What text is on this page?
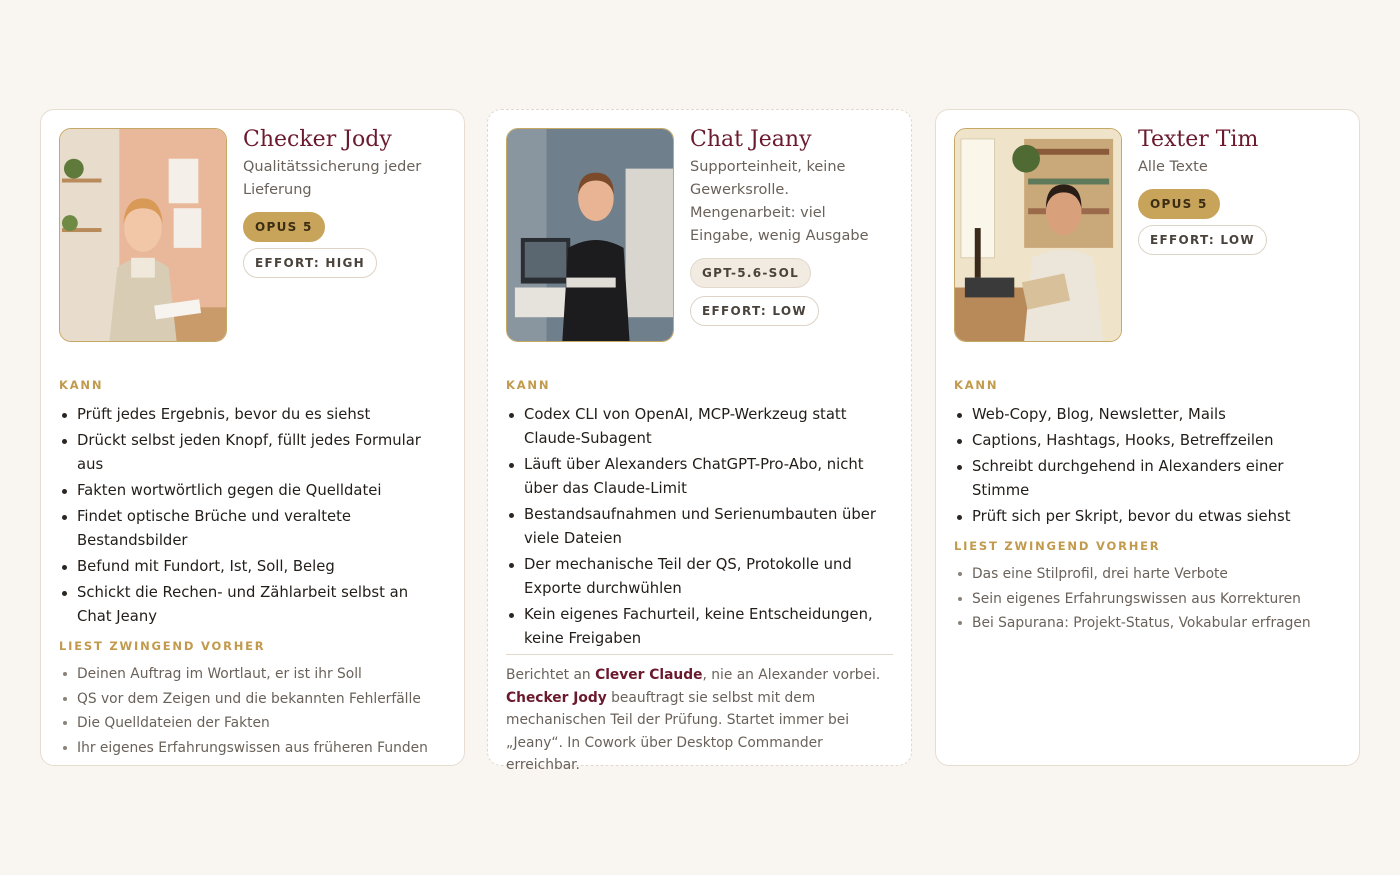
Checker Jody
Qualitätssicherung jeder Lieferung
OPUS 5
EFFORT: HIGH
KANN
Prüft jedes Ergebnis, bevor du es siehst
Drückt selbst jeden Knopf, füllt jedes Formular aus
Fakten wortwörtlich gegen die Quelldatei
Findet optische Brüche und veraltete Bestandsbilder
Befund mit Fundort, Ist, Soll, Beleg
Schickt die Rechen- und Zählarbeit selbst an Chat Jeany
LIEST ZWINGEND VORHER
Deinen Auftrag im Wortlaut, er ist ihr Soll
QS vor dem Zeigen und die bekannten Fehlerfälle
Die Quelldateien der Fakten
Ihr eigenes Erfahrungswissen aus früheren Funden
Chat Jeany
Supporteinheit, keine Gewerksrolle. Mengenarbeit: viel Eingabe, wenig Ausgabe
GPT-5.6-SOL
EFFORT: LOW
KANN
Codex CLI von OpenAI, MCP-Werkzeug statt Claude-Subagent
Läuft über Alexanders ChatGPT-Pro-Abo, nicht über das Claude-Limit
Bestandsaufnahmen und Serienumbauten über viele Dateien
Der mechanische Teil der QS, Protokolle und Exporte durchwühlen
Kein eigenes Fachurteil, keine Entscheidungen, keine Freigaben
Berichtet an Clever Claude, nie an Alexander vorbei. Checker Jody beauftragt sie selbst mit dem mechanischen Teil der Prüfung. Startet immer bei „Jeany“. In Cowork über Desktop Commander erreichbar.
Texter Tim
Alle Texte
OPUS 5
EFFORT: LOW
KANN
Web-Copy, Blog, Newsletter, Mails
Captions, Hashtags, Hooks, Betreffzeilen
Schreibt durchgehend in Alexanders einer Stimme
Prüft sich per Skript, bevor du etwas siehst
LIEST ZWINGEND VORHER
Das eine Stilprofil, drei harte Verbote
Sein eigenes Erfahrungswissen aus Korrekturen
Bei Sapurana: Projekt-Status, Vokabular erfragen
